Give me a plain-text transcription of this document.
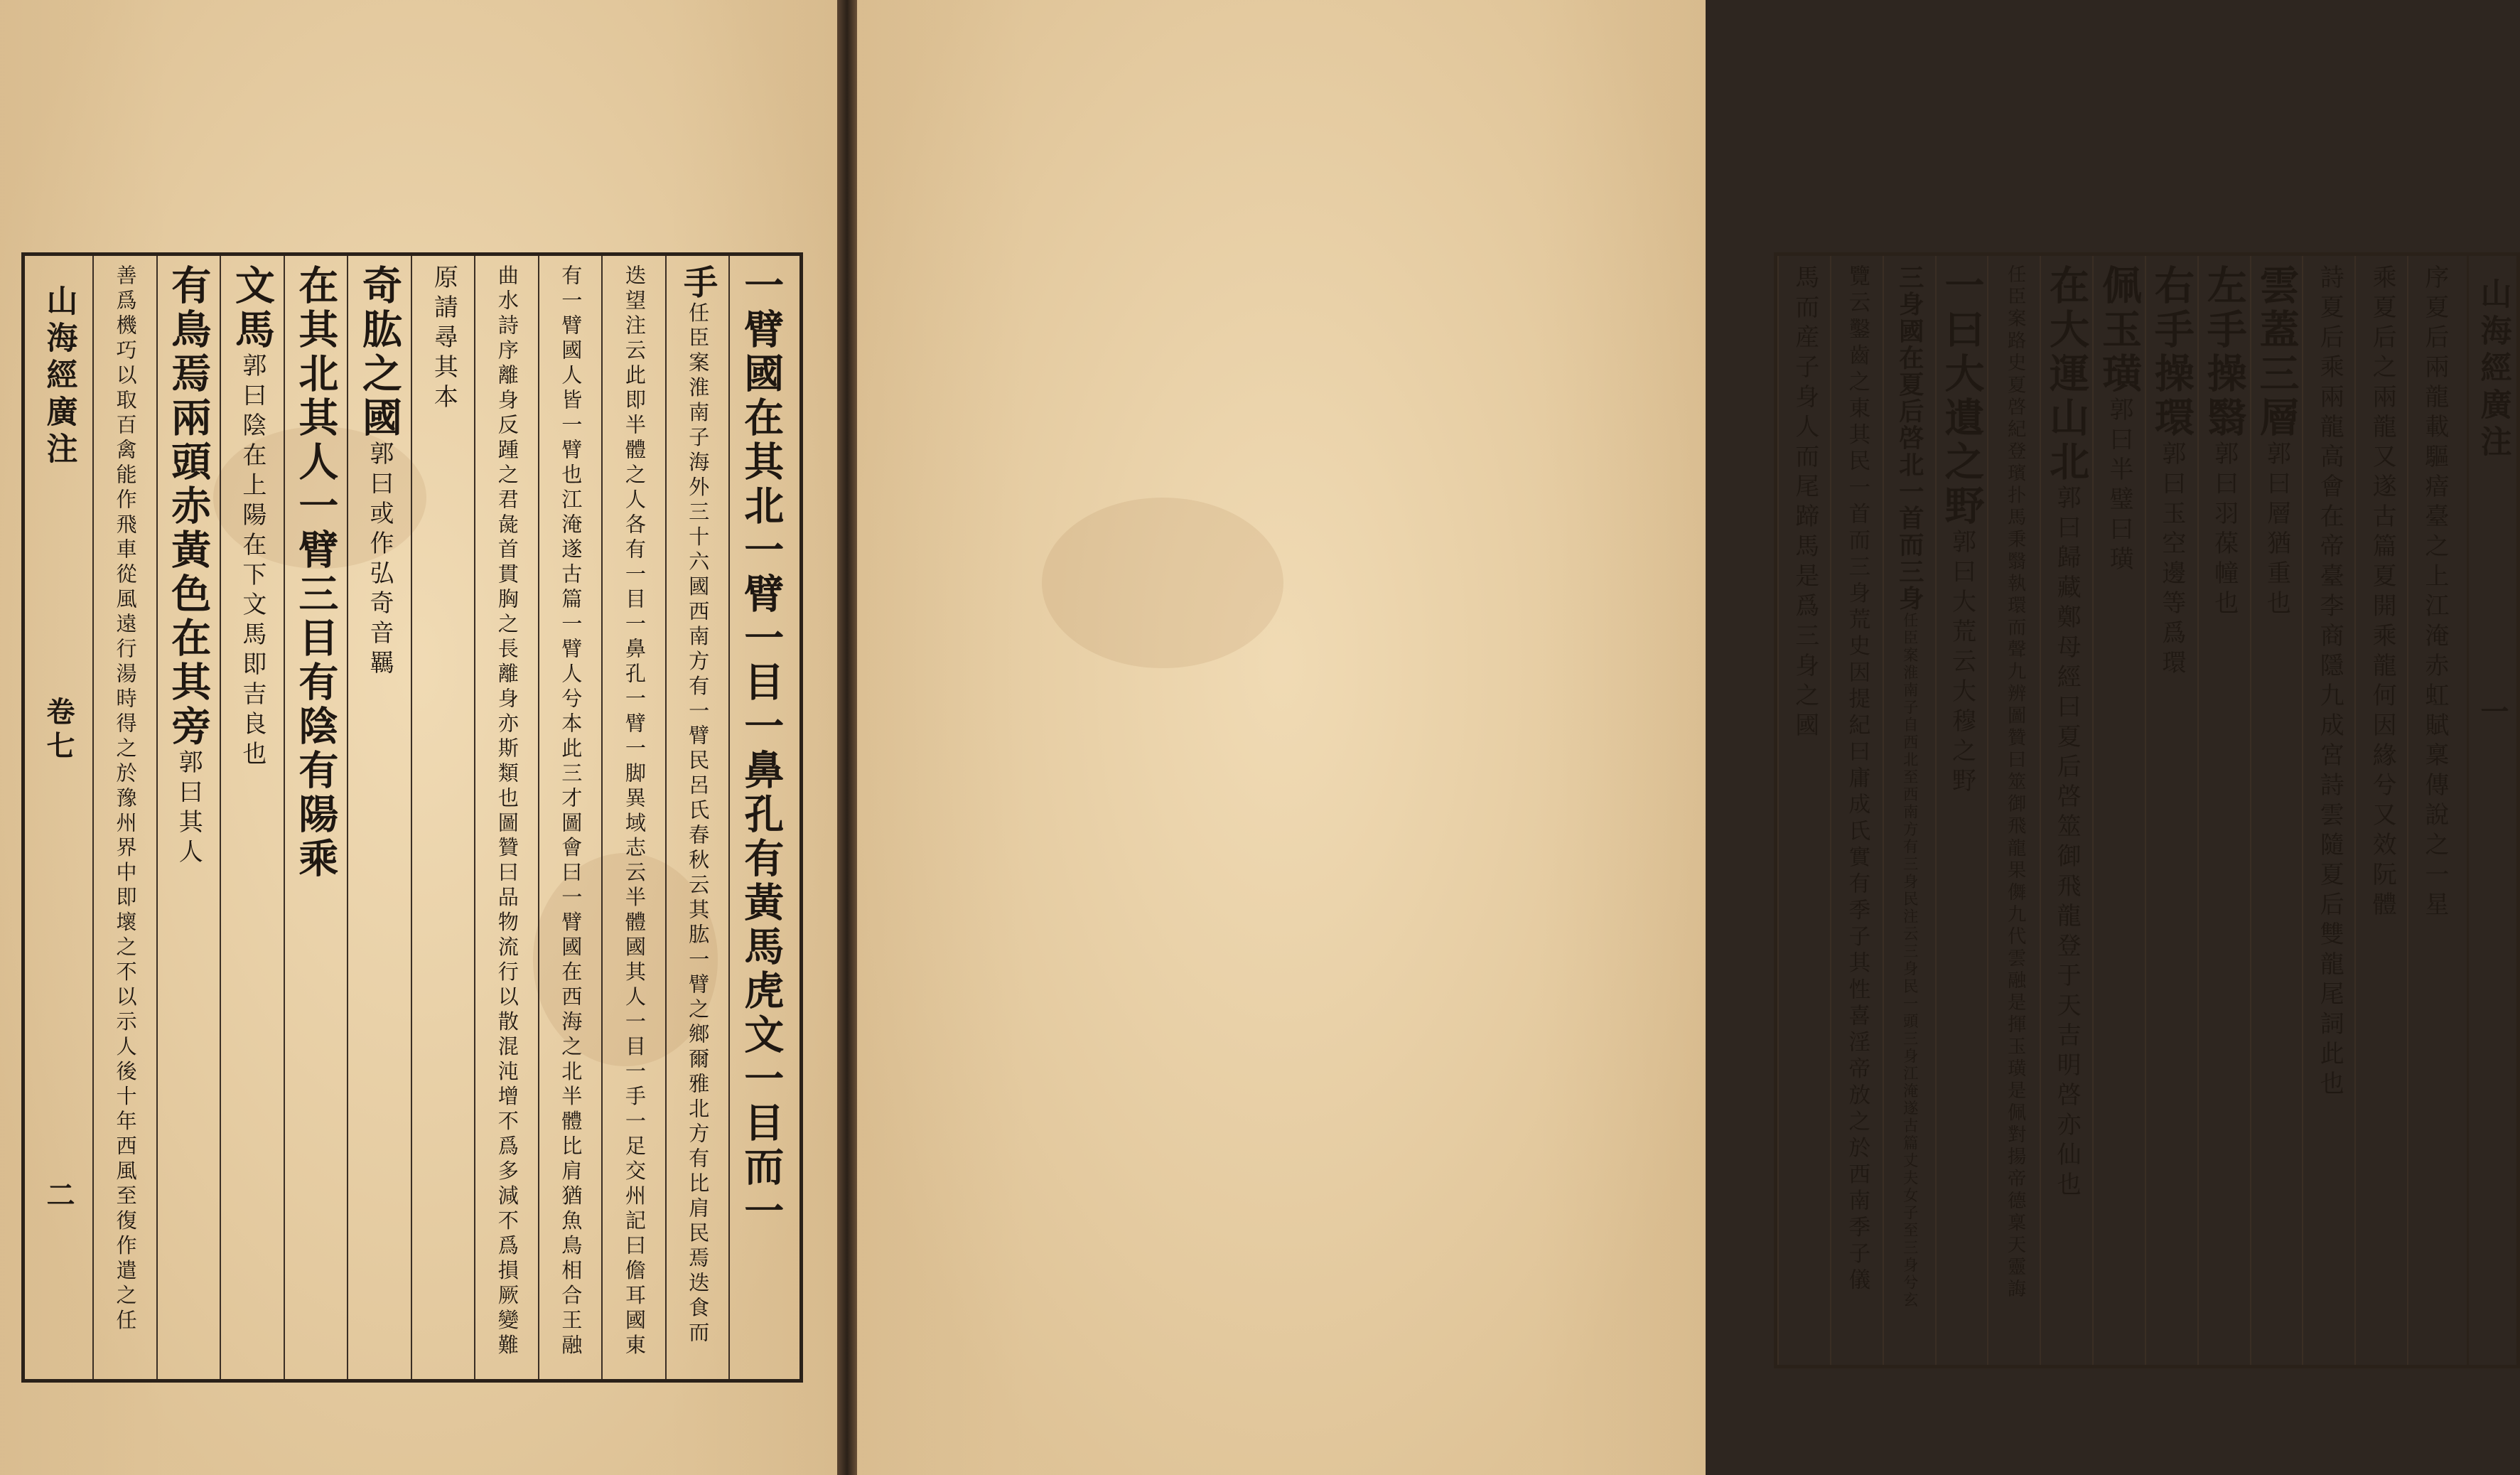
山海經廣注
卷七
二	一臂國在其北一臂一目一鼻孔有黃馬虎文一目而一
手任臣案淮南子海外三十六國西南方有一臂民呂氏春秋云其肱一臂之鄉爾雅北方有比肩民焉迭食而
迭望注云此即半體之人各有一目一鼻孔一臂一脚異域志云半體國其人一目一手一足交州記曰儋耳國東
有一臂國人皆一臂也江淹遂古篇一臂人兮本此三才圖會曰一臂國在西海之北半體比肩猶魚鳥相合王融
曲水詩序離身反踵之君彘首貫胸之長離身亦斯類也圖贊曰品物流行以散混沌增不爲多減不爲損厥變難
原請尋其本
奇肱之國郭曰或作弘奇音羈
在其北其人一臂三目有陰有陽乘
文馬郭曰陰在上陽在下文馬即吉良也
有鳥焉兩頭赤黃色在其旁郭曰其人
善爲機巧以取百禽能作飛車從風遠行湯時得之於豫州界中即壞之不以示人後十年西風至復作遣之任	序夏后兩龍載驅瘖臺之上江淹赤虹賦稟傳說之一星
乘夏后之兩龍又遂古篇夏開乘龍何因緣兮又效阮體
詩夏后乘兩龍高會在帝臺李商隱九成宮詩雲隨夏后雙龍尾詞此也
雲蓋三層郭曰層猶重也
左手操翳郭曰羽葆幢也
右手操環郭曰玉空邊等爲環
佩玉璜郭曰半璧曰璜
在大運山北郭曰歸藏鄭母經曰夏后啓筮御飛龍登于天吉明啓亦仙也
任臣案路史夏啓紀登璸扑馬秉翳執環而聲九辨圖贊曰筮御飛龍果儛九代雲融是揮玉璜是佩對揚帝德稟天靈誨
一曰大遺之野郭曰大荒云大穆之野
三身國在夏后啓北一首而三身任臣案淮南子自西北至西南方有三身民注云三身民一頭三身江淹遂古篇丈夫女子至三身兮玄
覽云鑿齒之東其民一首而三身荒史因提紀曰庸成氏實有季子其性喜淫帝放之於西南季子儀
馬而産子身人而尾蹄馬是爲三身之國	山海經廣注
一
